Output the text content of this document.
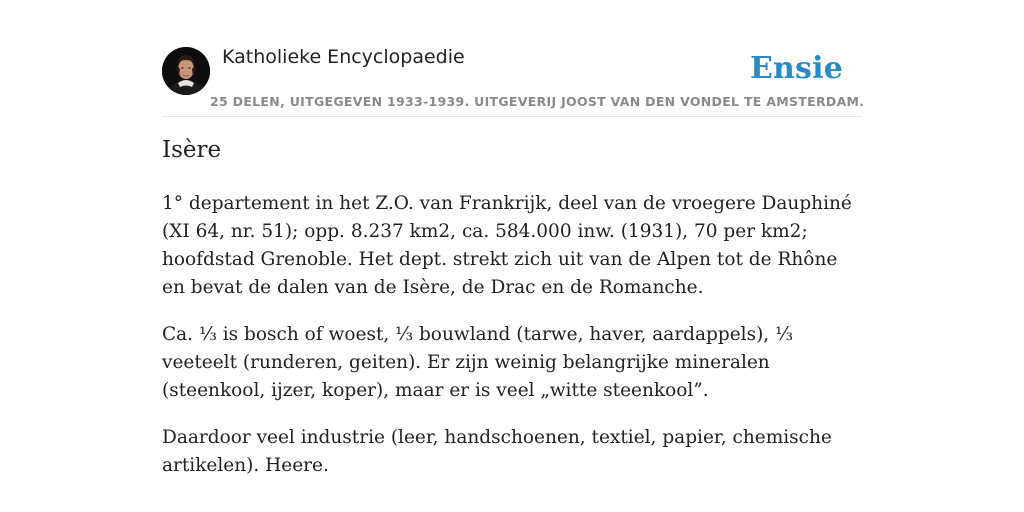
Katholieke Encyclopaedie	Ensie
25 DELEN, UITGEGEVEN 1933-1939. UITGEVERIJ JOOST VAN DEN VONDEL TE AMSTERDAM.
Isère

1° departement in het Z.O. van Frankrijk, deel van de vroegere Dauphiné (XI 64, nr. 51); opp. 8.237 km2, ca. 584.000 inw. (1931), 70 per km2; hoofdstad Grenoble. Het dept. strekt zich uit van de Alpen tot de Rhône en bevat de dalen van de Isère, de Drac en de Romanche.

Ca. ⅓ is bosch of woest, ⅓ bouwland (tarwe, haver, aardappels), ⅓ veeteelt (runderen, geiten). Er zijn weinig belangrijke mineralen (steenkool, ijzer, koper), maar er is veel „witte steenkool”.

Daardoor veel industrie (leer, handschoenen, textiel, papier, chemische artikelen). Heere.
